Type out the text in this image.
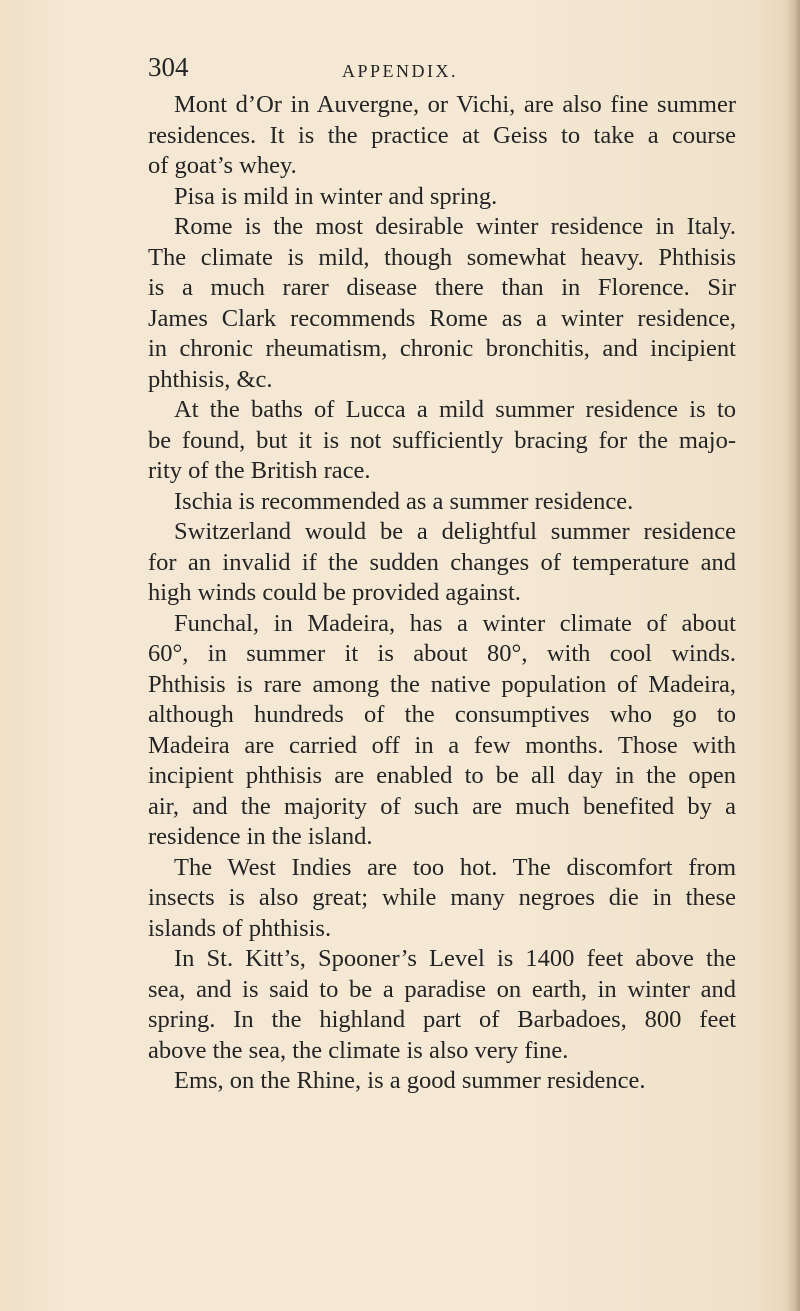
304	APPENDIX.
Mont d’Or in Auvergne, or Vichi, are also fine summer
residences. It is the practice at Geiss to take a course
of goat’s whey.
Pisa is mild in winter and spring.
Rome is the most desirable winter residence in Italy.
The climate is mild, though somewhat heavy. Phthisis
is a much rarer disease there than in Florence. Sir
James Clark recommends Rome as a winter residence,
in chronic rheumatism, chronic bronchitis, and incipient
phthisis, &c.
At the baths of Lucca a mild summer residence is to
be found, but it is not sufficiently bracing for the majo-
rity of the British race.
Ischia is recommended as a summer residence.
Switzerland would be a delightful summer residence
for an invalid if the sudden changes of temperature and
high winds could be provided against.
Funchal, in Madeira, has a winter climate of about
60°, in summer it is about 80°, with cool winds.
Phthisis is rare among the native population of Madeira,
although hundreds of the consumptives who go to
Madeira are carried off in a few months. Those with
incipient phthisis are enabled to be all day in the open
air, and the majority of such are much benefited by a
residence in the island.
The West Indies are too hot. The discomfort from
insects is also great; while many negroes die in these
islands of phthisis.
In St. Kitt’s, Spooner’s Level is 1400 feet above the
sea, and is said to be a paradise on earth, in winter and
spring. In the highland part of Barbadoes, 800 feet
above the sea, the climate is also very fine.
Ems, on the Rhine, is a good summer residence.
